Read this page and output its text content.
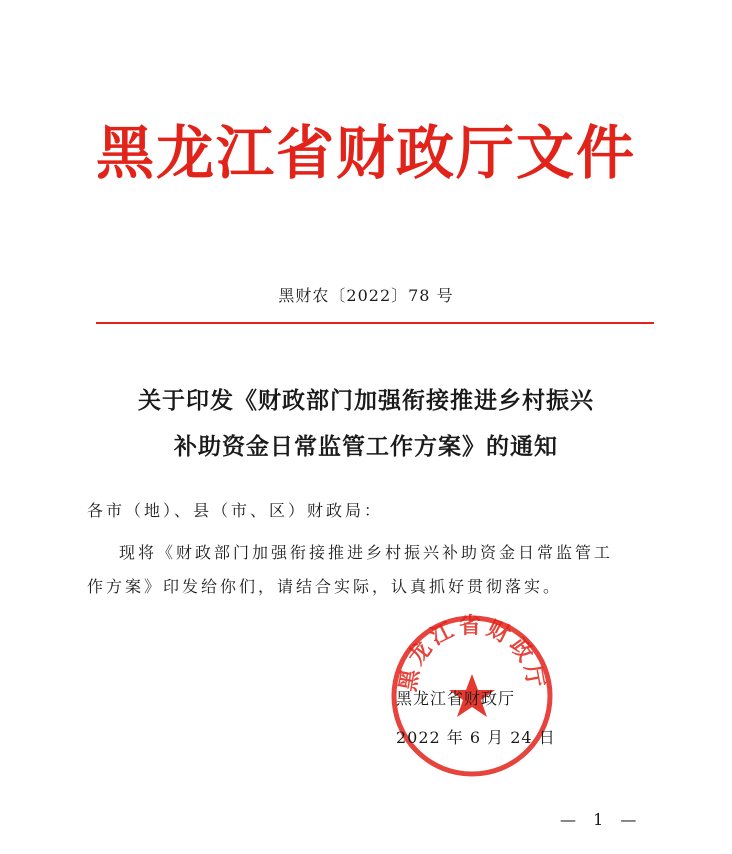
黑龙江省财政厅文件
黑财农〔2022〕78 号
关于印发《财政部门加强衔接推进乡村振兴
补助资金日常监管工作方案》的通知
各市（地）、县（市、区）财政局：
现将《财政部门加强衔接推进乡村振兴补助资金日常监管工
作方案》印发给你们，请结合实际，认真抓好贯彻落实。
黑龙江省财政厅
黑龙江省财政厅
2022 年 6 月 24 日
— 1 —
